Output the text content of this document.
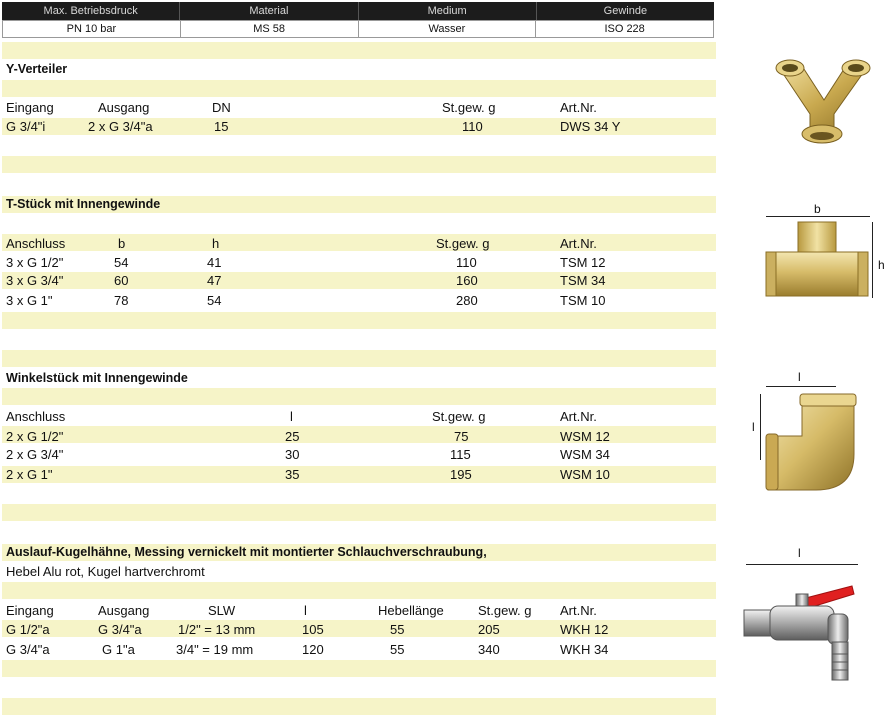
Max. Betriebsdruck	Material	Medium	Gewinde
PN 10 bar	MS 58	Wasser	ISO 228
Y-Verteiler
Eingang	Ausgang	DN	St.gew. g	Art.Nr.
G 3/4"i	2 x G 3/4"a	15	110	DWS 34 Y
T-Stück mit Innengewinde
Anschluss	b	h	St.gew. g	Art.Nr.
3 x G 1/2"	54	41	110	TSM 12
3 x G 3/4"	60	47	160	TSM 34
3 x G 1"	78	54	280	TSM 10
Winkelstück mit Innengewinde
Anschluss	l	St.gew. g	Art.Nr.
2 x G 1/2"	25	75	WSM 12
2 x G 3/4"	30	115	WSM 34
2 x G 1"	35	195	WSM 10
Auslauf-Kugelhähne, Messing vernickelt mit montierter Schlauchverschraubung,
Hebel Alu rot, Kugel hartverchromt
Eingang	Ausgang	SLW	l	Hebellänge	St.gew. g Art.Nr.
G 1/2"a	G 3/4"a	1/2" = 13 mm	105	55	205	WKH 12
G 3/4"a	G 1"a	3/4" = 19 mm	120	55	340	WKH 34
b
h
l
l
l
